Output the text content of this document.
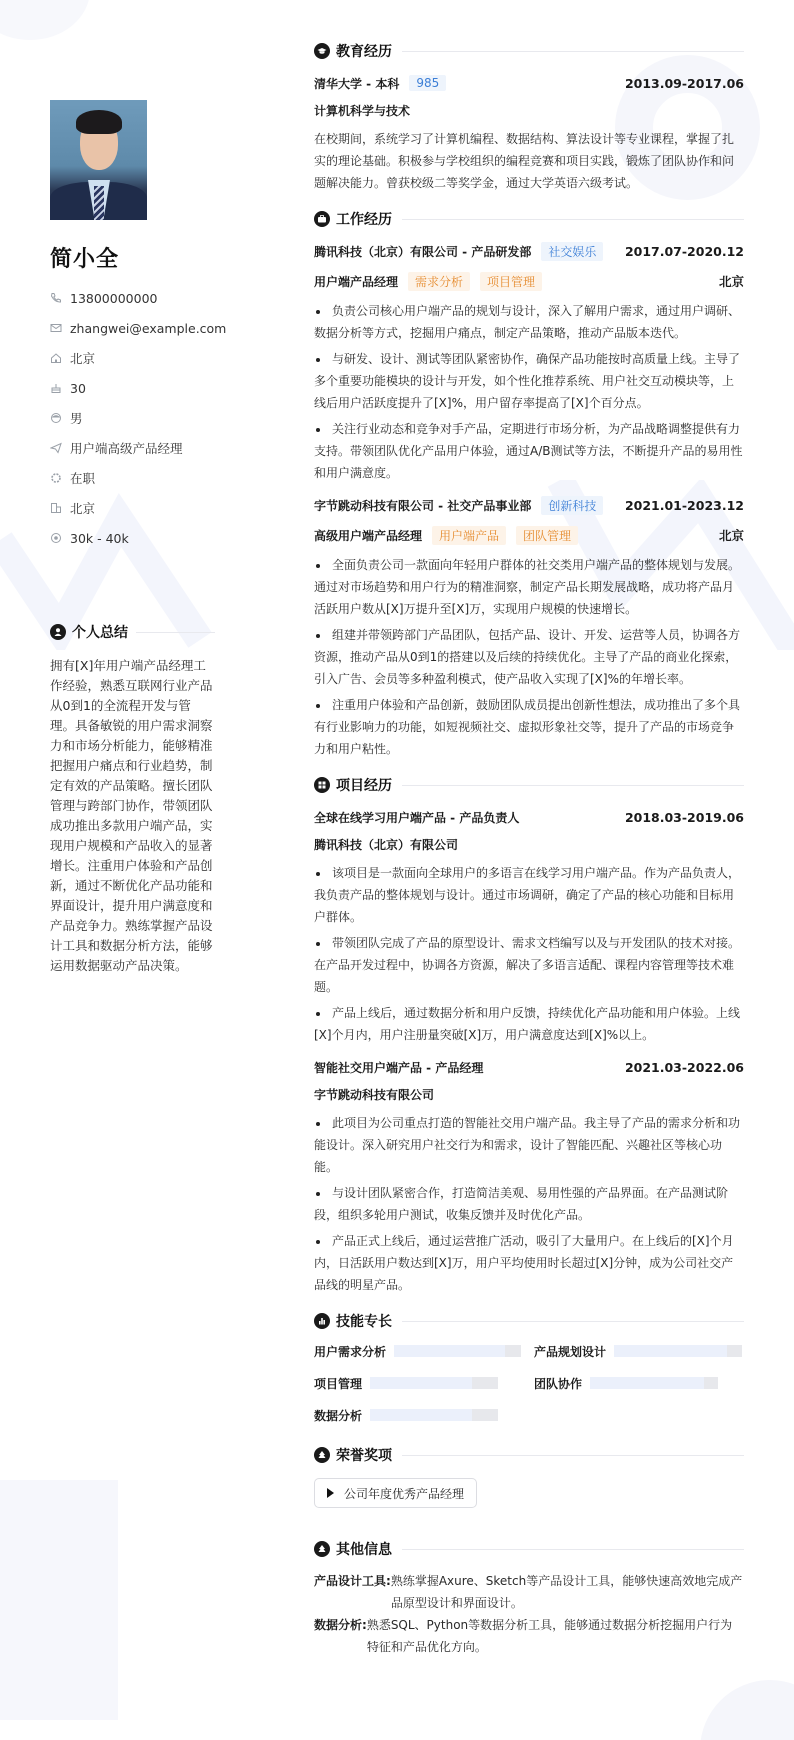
简小全
13800000000
zhangwei@example.com
北京
30
男
用户端高级产品经理
在职
北京
30k - 40k
个人总结

拥有[X]年用户端产品经理工作经验，熟悉互联网行业产品从0到1的全流程开发与管理。具备敏锐的用户需求洞察力和市场分析能力，能够精准把握用户痛点和行业趋势，制定有效的产品策略。擅长团队管理与跨部门协作，带领团队成功推出多款用户端产品，实现用户规模和产品收入的显著增长。注重用户体验和产品创新，通过不断优化产品功能和界面设计，提升用户满意度和产品竞争力。熟练掌握产品设计工具和数据分析方法，能够运用数据驱动产品决策。

教育经历
清华大学 - 本科	985	2013.09-2017.06
计算机科学与技术

在校期间，系统学习了计算机编程、数据结构、算法设计等专业课程，掌握了扎实的理论基础。积极参与学校组织的编程竞赛和项目实践，锻炼了团队协作和问题解决能力。曾获校级二等奖学金，通过大学英语六级考试。

工作经历
腾讯科技（北京）有限公司 - 产品研发部	社交娱乐	2017.07-2020.12
用户端产品经理	需求分析	项目管理	北京
负责公司核心用户端产品的规划与设计，深入了解用户需求，通过用户调研、数据分析等方式，挖掘用户痛点，制定产品策略，推动产品版本迭代。
与研发、设计、测试等团队紧密协作，确保产品功能按时高质量上线。主导了多个重要功能模块的设计与开发，如个性化推荐系统、用户社交互动模块等，上线后用户活跃度提升了[X]%，用户留存率提高了[X]个百分点。
关注行业动态和竞争对手产品，定期进行市场分析，为产品战略调整提供有力支持。带领团队优化产品用户体验，通过A/B测试等方法，不断提升产品的易用性和用户满意度。
字节跳动科技有限公司 - 社交产品事业部	创新科技	2021.01-2023.12
高级用户端产品经理	用户端产品	团队管理	北京
全面负责公司一款面向年轻用户群体的社交类用户端产品的整体规划与发展。通过对市场趋势和用户行为的精准洞察，制定产品长期发展战略，成功将产品月活跃用户数从[X]万提升至[X]万，实现用户规模的快速增长。
组建并带领跨部门产品团队，包括产品、设计、开发、运营等人员，协调各方资源，推动产品从0到1的搭建以及后续的持续优化。主导了产品的商业化探索，引入广告、会员等多种盈利模式，使产品收入实现了[X]%的年增长率。
注重用户体验和产品创新，鼓励团队成员提出创新性想法，成功推出了多个具有行业影响力的功能，如短视频社交、虚拟形象社交等，提升了产品的市场竞争力和用户粘性。
项目经历
全球在线学习用户端产品 - 产品负责人	2018.03-2019.06
腾讯科技（北京）有限公司
该项目是一款面向全球用户的多语言在线学习用户端产品。作为产品负责人，我负责产品的整体规划与设计。通过市场调研，确定了产品的核心功能和目标用户群体。
带领团队完成了产品的原型设计、需求文档编写以及与开发团队的技术对接。在产品开发过程中，协调各方资源，解决了多语言适配、课程内容管理等技术难题。
产品上线后，通过数据分析和用户反馈，持续优化产品功能和用户体验。上线[X]个月内，用户注册量突破[X]万，用户满意度达到[X]%以上。
智能社交用户端产品 - 产品经理	2021.03-2022.06
字节跳动科技有限公司
此项目为公司重点打造的智能社交用户端产品。我主导了产品的需求分析和功能设计。深入研究用户社交行为和需求，设计了智能匹配、兴趣社区等核心功能。
与设计团队紧密合作，打造简洁美观、易用性强的产品界面。在产品测试阶段，组织多轮用户测试，收集反馈并及时优化产品。
产品正式上线后，通过运营推广活动，吸引了大量用户。在上线后的[X]个月内，日活跃用户数达到[X]万，用户平均使用时长超过[X]分钟，成为公司社交产品线的明星产品。
技能专长
用户需求分析	产品规划设计
项目管理	团队协作
数据分析
荣誉奖项
公司年度优秀产品经理
其他信息
产品设计工具: 熟练掌握Axure、Sketch等产品设计工具，能够快速高效地完成产品原型设计和界面设计。
数据分析: 熟悉SQL、Python等数据分析工具，能够通过数据分析挖掘用户行为特征和产品优化方向。
